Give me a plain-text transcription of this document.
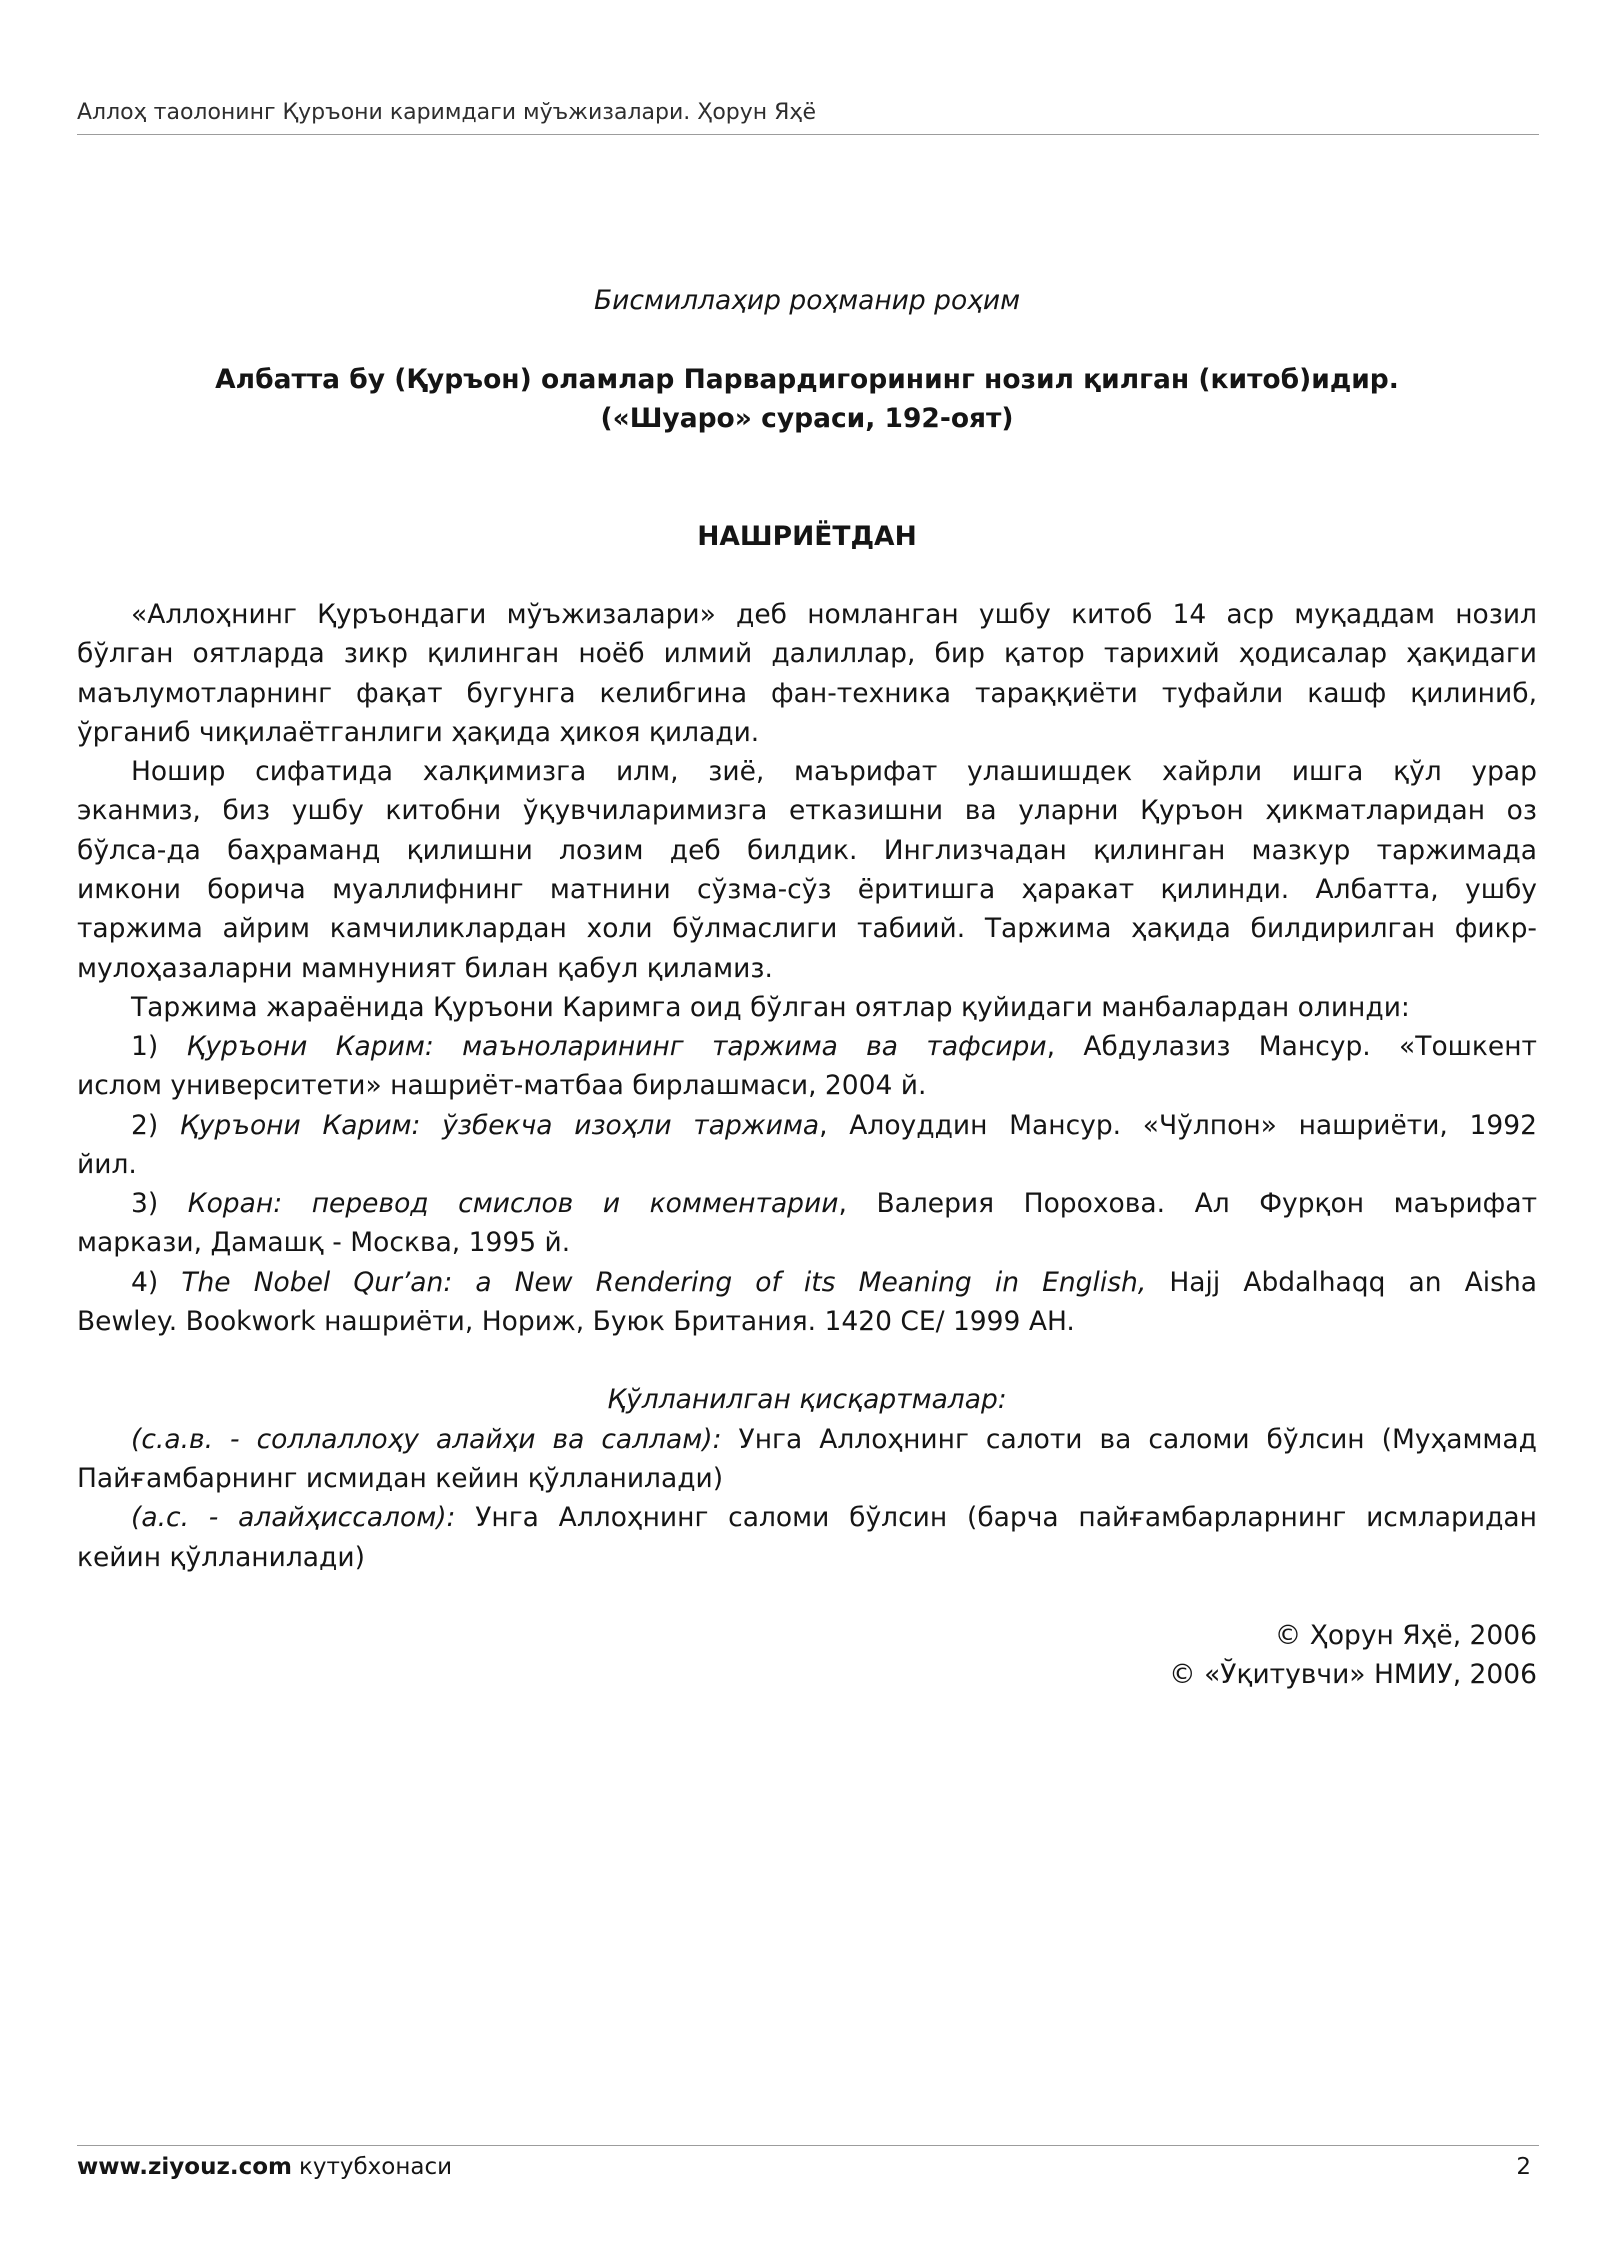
Аллоҳ таолонинг Қуръони каримдаги мўъжизалари. Ҳорун Яҳё
Бисмиллаҳир роҳманир роҳим
Албатта бу (Қуръон) оламлар Парвардигорининг нозил қилган (китоб)идир.
(«Шуаро» сураси, 192-оят)
НАШРИЁТДАН
«Аллоҳнинг Қуръондаги мўъжизалари» деб номланган ушбу китоб 14 аср муқаддам нозил
бўлган оятларда зикр қилинган ноёб илмий далиллар, бир қатор тарихий ҳодисалар ҳақидаги
маълумотларнинг фақат бугунга келибгина фан-техника тараққиёти туфайли кашф қилиниб,
ўрганиб чиқилаётганлиги ҳақида ҳикоя қилади.
Ношир сифатида халқимизга илм, зиё, маърифат улашишдек хайрли ишга қўл урар
эканмиз, биз ушбу китобни ўқувчиларимизга етказишни ва уларни Қуръон ҳикматларидан оз
бўлса-да баҳраманд қилишни лозим деб билдик. Инглизчадан қилинган мазкур таржимада
имкони борича муаллифнинг матнини сўзма-сўз ёритишга ҳаракат қилинди. Албатта, ушбу
таржима айрим камчиликлардан холи бўлмаслиги табиий. Таржима ҳақида билдирилган фикр-
мулоҳазаларни мамнуният билан қабул қиламиз.
Таржима жараёнида Қуръони Каримга оид бўлган оятлар қуйидаги манбалардан олинди:
1) Қуръони Карим: маъноларининг таржима ва тафсири, Абдулазиз Мансур. «Тошкент
ислом университети» нашриёт-матбаа бирлашмаси, 2004 й.
2) Қуръони Карим: ўзбекча изоҳли таржима, Алоуддин Мансур. «Чўлпон» нашриёти, 1992
йил.
3) Коран: перевод смислов и комментарии, Валерия Порохова. Ал Фурқон маърифат
маркази, Дамашқ - Москва, 1995 й.
4) The Nobel Qur’an: a New Rendering of its Meaning in English, Hajj Abdalhaqq an Aisha
Bewley. Bookwork нашриёти, Нориж, Буюк Британия. 1420 CE/ 1999 AH.
Қўлланилган қисқартмалар:
(с.а.в. - соллаллоҳу алайҳи ва саллам): Унга Аллоҳнинг салоти ва саломи бўлсин (Муҳаммад
Пайғамбарнинг исмидан кейин қўлланилади)
(а.с. - алайҳиссалом): Унга Аллоҳнинг саломи бўлсин (барча пайғамбарларнинг исмларидан
кейин қўлланилади)
© Ҳорун Яҳё, 2006
© «Ўқитувчи» НМИУ, 2006
www.ziyouz.com кутубхонаси	2
